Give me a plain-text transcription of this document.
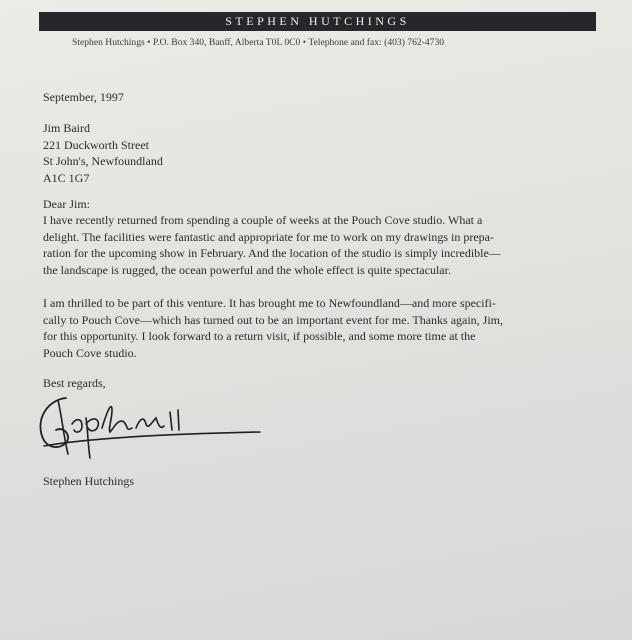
STEPHEN HUTCHINGS
Stephen Hutchings • P.O. Box 340, Banff, Alberta T0L 0C0 • Telephone and fax: (403) 762-4730
September, 1997
Jim Baird
221 Duckworth Street
St John's, Newfoundland
A1C 1G7
Dear Jim:
I have recently returned from spending a couple of weeks at the Pouch Cove studio. What a
delight. The facilities were fantastic and appropriate for me to work on my drawings in prepa-
ration for the upcoming show in February. And the location of the studio is simply incredible—
the landscape is rugged, the ocean powerful and the whole effect is quite spectacular.
I am thrilled to be part of this venture. It has brought me to Newfoundland—and more specifi-
cally to Pouch Cove—which has turned out to be an important event for me. Thanks again, Jim,
for this opportunity. I look forward to a return visit, if possible, and some more time at the
Pouch Cove studio.
Best regards,
Stephen Hutchings
